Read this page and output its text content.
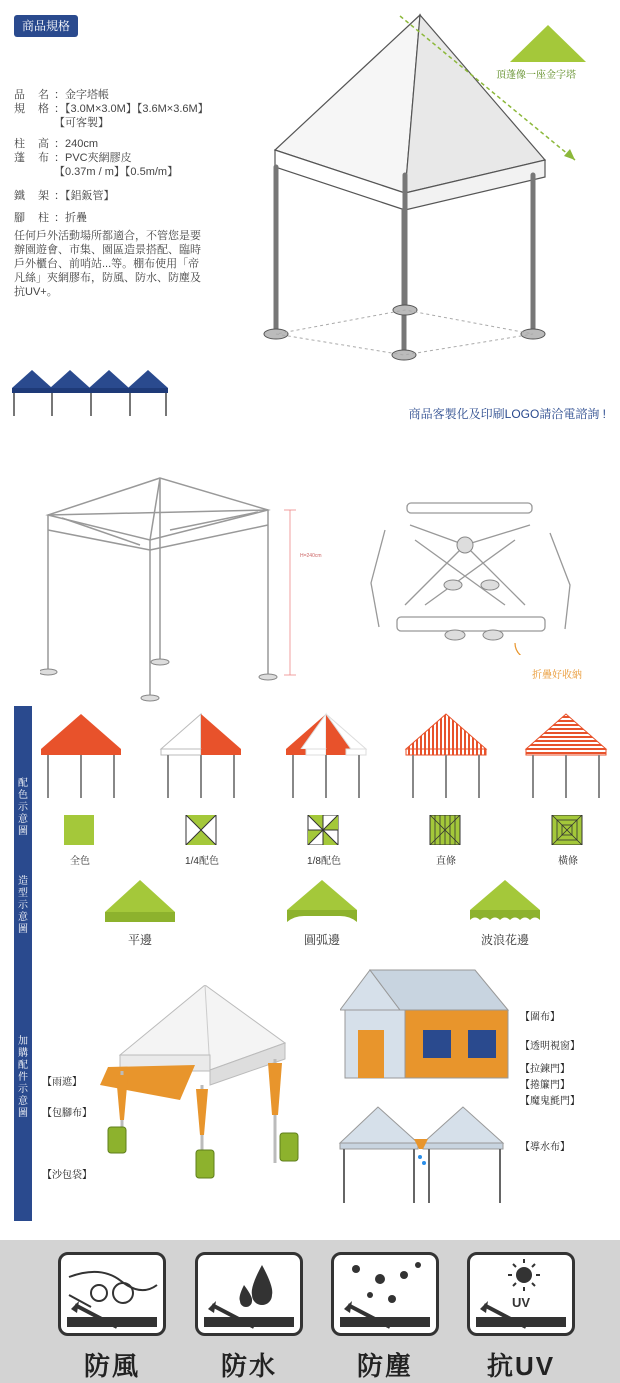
商品規格
品　名 ：金字塔帳
規　格 ：【3.0M×3.0M】【3.6M×3.6M】
【可客製】
柱　高 ：240cm
蓬　布 ：PVC夾網膠皮
【0.37m / m】【0.5m/m】
鐵　架 ：【鋁鈑管】
腳　柱 ：折疊
任何戶外活動場所都適合，不管您是要辦園遊會、市集、園區造景搭配、臨時戶外櫃台、前哨站...等。棚布使用「帝凡絲」夾網膠布，防風、防水、防塵及抗UV+。
頂蓬像一座金字塔
商品客製化及印刷LOGO請洽電諮詢 !
H=240cm
折疊好收納
配色示意圖
造型示意圖
加購配件示意圖
全色	1/4配色	1/8配色	直條	橫條
平邊	圓弧邊	波浪花邊
【雨遮】
【包腳布】
【沙包袋】
【圍布】
【透明視窗】
【拉鍊門】
【捲簾門】
【魔鬼氈門】
【導水布】
UV
防風	防水	防塵	抗UV
